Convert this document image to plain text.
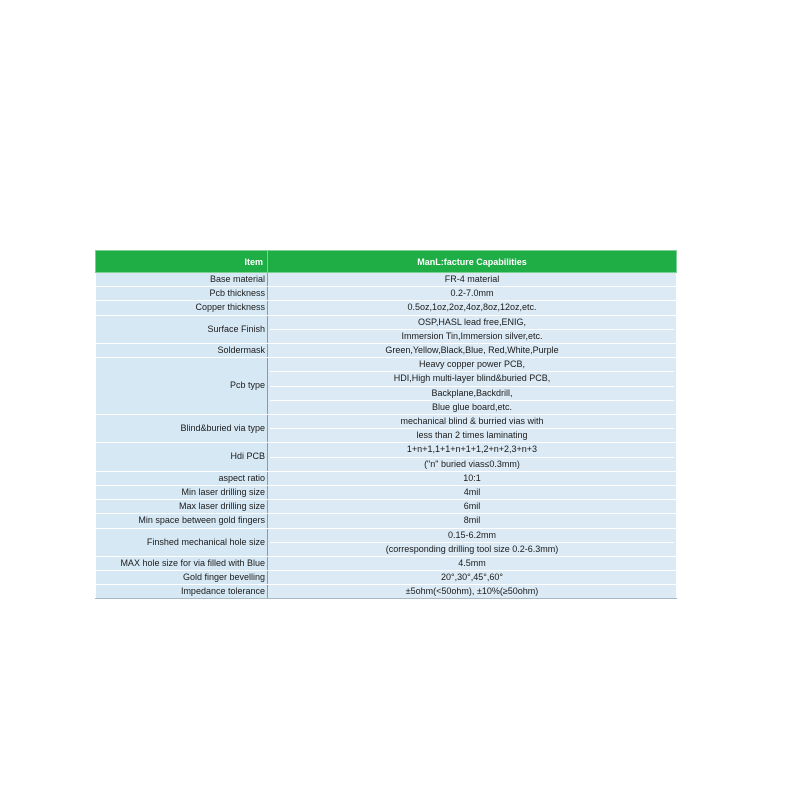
Item	ManL:facture Capabilities
Base material	FR-4 material

Pcb thickness	0.2-7.0mm

Copper thickness	0.5oz,1oz,2oz,4oz,8oz,12oz,etc.

Surface Finish	OSP,HASL lead free,ENIG,
Immersion Tin,Immersion silver,etc.

Soldermask	Green,Yellow,Black,Blue, Red,White,Purple

Pcb type	Heavy copper power PCB,
HDI,High multi-layer blind&buried PCB,
Backplane,Backdrill,
Blue glue board,etc.

Blind&buried via type	mechanical blind & burried vias with
less than 2 times laminating

Hdi PCB	1+n+1,1+1+n+1+1,2+n+2,3+n+3
("n" buried vias≤0.3mm)

aspect ratio	10:1

Min laser drilling size	4mil

Max laser drilling size	6mil

Min space between gold fingers	8mil

Finshed mechanical hole size	0.15-6.2mm
(corresponding drilling tool size 0.2-6.3mm)

MAX hole size for via filled with Blue	4.5mm

Gold finger bevelling	20°,30°,45°,60°

Impedance tolerance	±5ohm(<50ohm), ±10%(≥50ohm)
